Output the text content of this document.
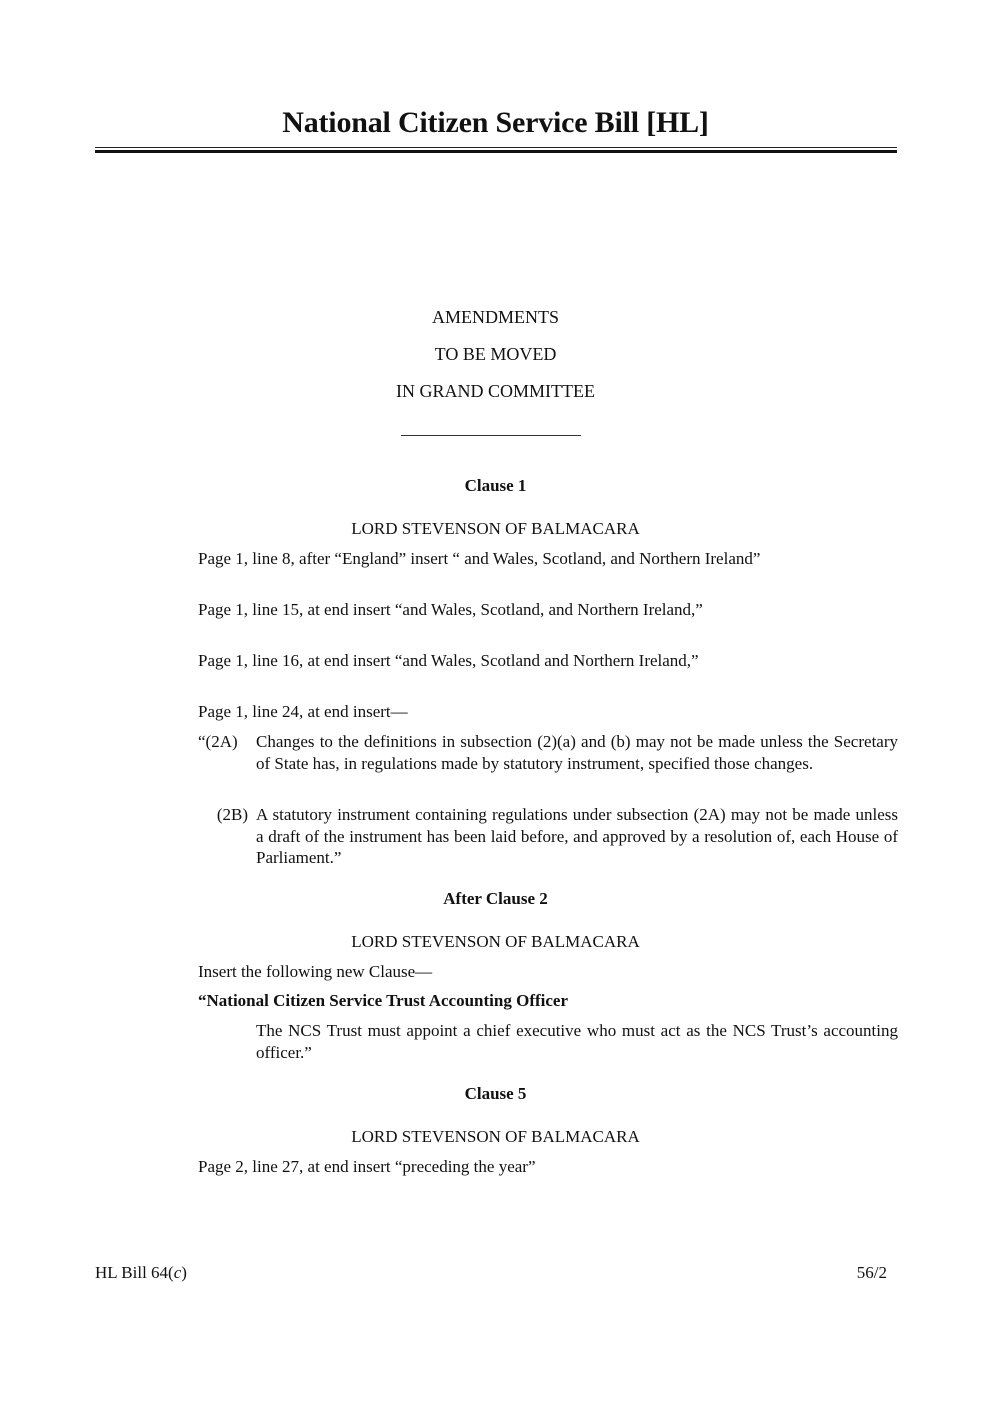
National Citizen Service Bill [HL]
AMENDMENTS
TO BE MOVED
IN GRAND COMMITTEE
Clause 1
LORD STEVENSON OF BALMACARA
Page 1, line 8, after “England” insert “ and Wales, Scotland, and Northern Ireland”
Page 1, line 15, at end insert “and Wales, Scotland, and Northern Ireland,”
Page 1, line 16, at end insert “and Wales, Scotland and Northern Ireland,”
Page 1, line 24, at end insert—
“(2A)	Changes to the definitions in subsection (2)(a) and (b) may not be made unless the Secretary of State has, in regulations made by statutory instrument, specified those changes.
(2B) A statutory instrument containing regulations under subsection (2A) may not be made unless a draft of the instrument has been laid before, and approved by a resolution of, each House of Parliament.”
After Clause 2
LORD STEVENSON OF BALMACARA
Insert the following new Clause—
“National Citizen Service Trust Accounting Officer
The NCS Trust must appoint a chief executive who must act as the NCS Trust’s accounting officer.”
Clause 5
LORD STEVENSON OF BALMACARA
Page 2, line 27, at end insert “preceding the year”
HL Bill 64(c)	56/2
